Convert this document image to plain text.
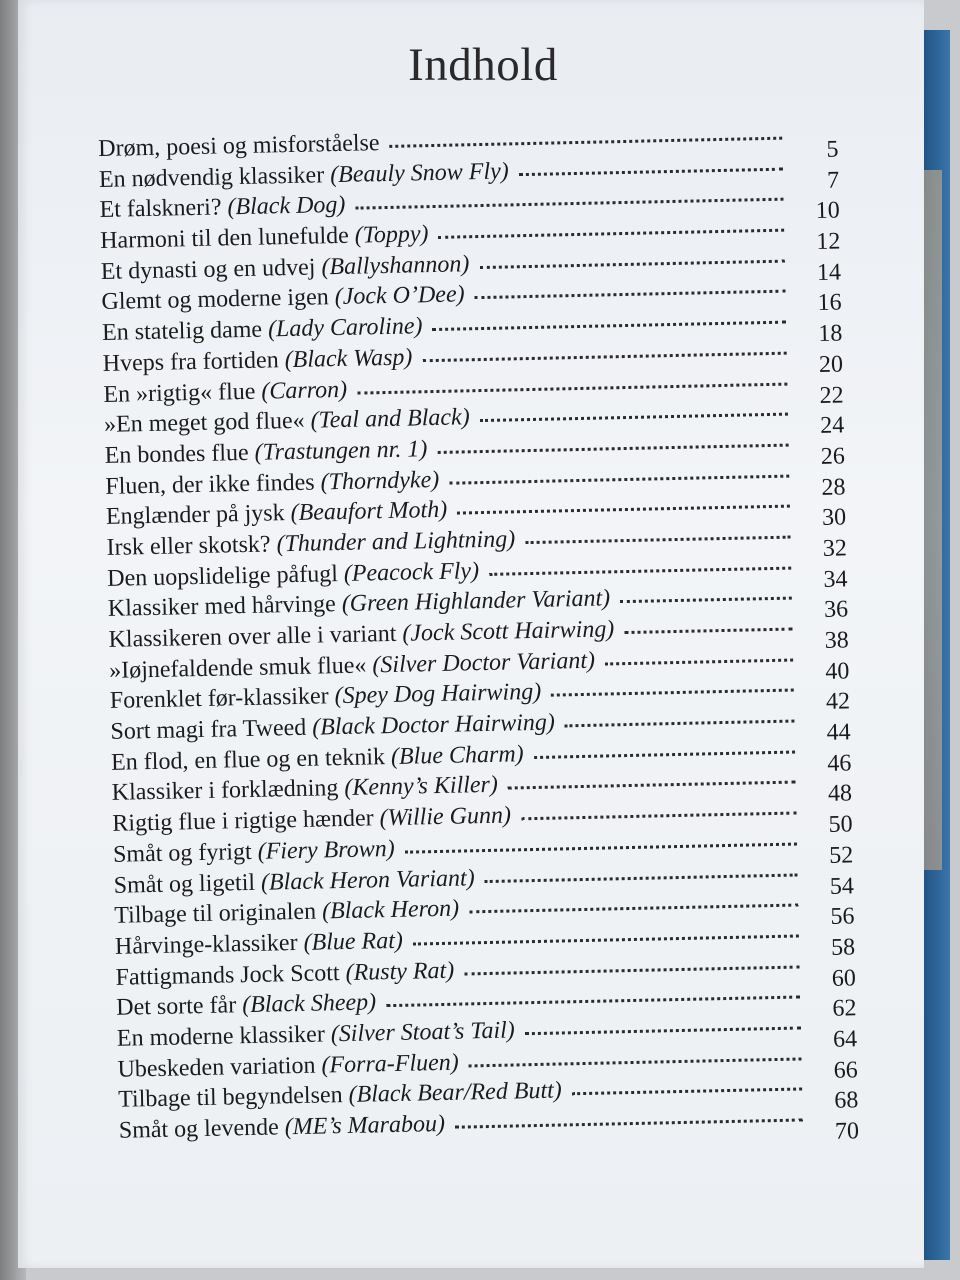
Indhold
Drøm, poesi og misforståelse	5
En nødvendig klassiker (Beauly Snow Fly)	7
Et falskneri? (Black Dog)	10
Harmoni til den lunefulde (Toppy)	12
Et dynasti og en udvej (Ballyshannon)	14
Glemt og moderne igen (Jock O’Dee)	16
En statelig dame (Lady Caroline)	18
Hveps fra fortiden (Black Wasp)	20
En »rigtig« flue (Carron)	22
»En meget god flue« (Teal and Black)	24
En bondes flue (Trastungen nr. 1)	26
Fluen, der ikke findes (Thorndyke)	28
Englænder på jysk (Beaufort Moth)	30
Irsk eller skotsk? (Thunder and Lightning)	32
Den uopslidelige påfugl (Peacock Fly)	34
Klassiker med hårvinge (Green Highlander Variant)	36
Klassikeren over alle i variant (Jock Scott Hairwing)	38
»Iøjnefaldende smuk flue« (Silver Doctor Variant)	40
Forenklet før-klassiker (Spey Dog Hairwing)	42
Sort magi fra Tweed (Black Doctor Hairwing)	44
En flod, en flue og en teknik (Blue Charm)	46
Klassiker i forklædning (Kenny’s Killer)	48
Rigtig flue i rigtige hænder (Willie Gunn)	50
Småt og fyrigt (Fiery Brown)	52
Småt og ligetil (Black Heron Variant)	54
Tilbage til originalen (Black Heron)	56
Hårvinge-klassiker (Blue Rat)	58
Fattigmands Jock Scott (Rusty Rat)	60
Det sorte får (Black Sheep)	62
En moderne klassiker (Silver Stoat’s Tail)	64
Ubeskeden variation (Forra-Fluen)	66
Tilbage til begyndelsen (Black Bear/Red Butt)	68
Småt og levende (ME’s Marabou)	70
